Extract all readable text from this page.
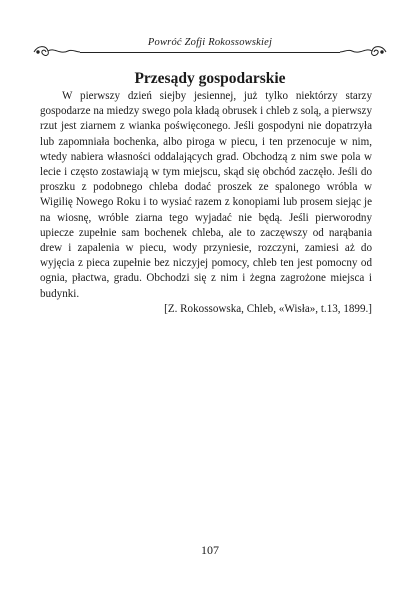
Powróć Zofji Rokossowskiej
Przesądy gospodarskie

W pierwszy dzień siejby jesiennej, już tylko niektórzy starzy gospodarze na miedzy swego pola kładą obrusek i chleb z solą, a pierwszy rzut jest ziarnem z wianka poświęconego. Jeśli gospodyni nie dopatrzyła lub zapomniała bochenka, albo piroga w piecu, i ten przenocuje w nim, wtedy nabiera własności oddalających grad. Obchodzą z nim swe pola w lecie i często zostawiają w tym miejscu, skąd się obchód zaczęło. Jeśli do proszku z podobnego chleba dodać proszek ze spalonego wróbla w Wigilię Nowego Roku i to wysiać razem z konopiami lub prosem siejąc je na wiosnę, wróble ziarna tego wyjadać nie będą. Jeśli pierworodny upiecze zupełnie sam bochenek chleba, ale to zaczęwszy od narąbania drew i zapalenia w piecu, wody przyniesie, rozczyni, zamiesi aż do wyjęcia z pieca zupełnie bez niczyjej pomocy, chleb ten jest pomocny od ognia, płactwa, gradu. Obchodzi się z nim i żegna zagrożone miejsca i budynki.

[Z. Rokossowska, Chleb, «Wisła», t.13, 1899.]
107
